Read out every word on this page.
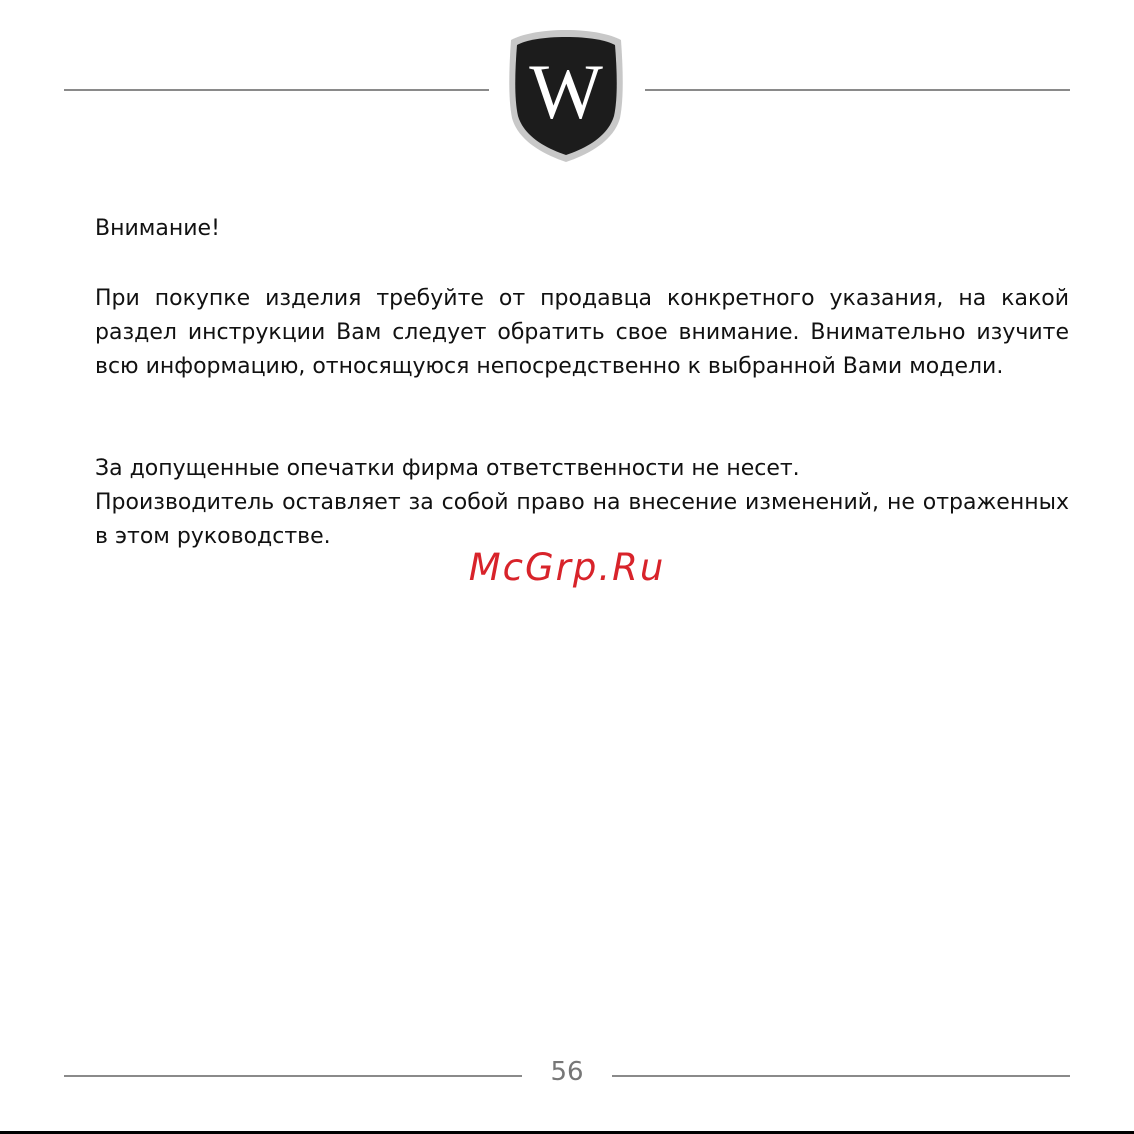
W

Внимание!

При покупке изделия требуйте от продавца конкретного указания, на какой раздел инструкции Вам следует обратить свое внимание. Внимательно изучите всю информацию, относящуюся непосредственно к выбранной Вами модели.

За допущенные опечатки фирма ответственности не несет.

Производитель оставляет за собой право на внесение изменений, не отраженных в этом руководстве.

McGrp.Ru
56
